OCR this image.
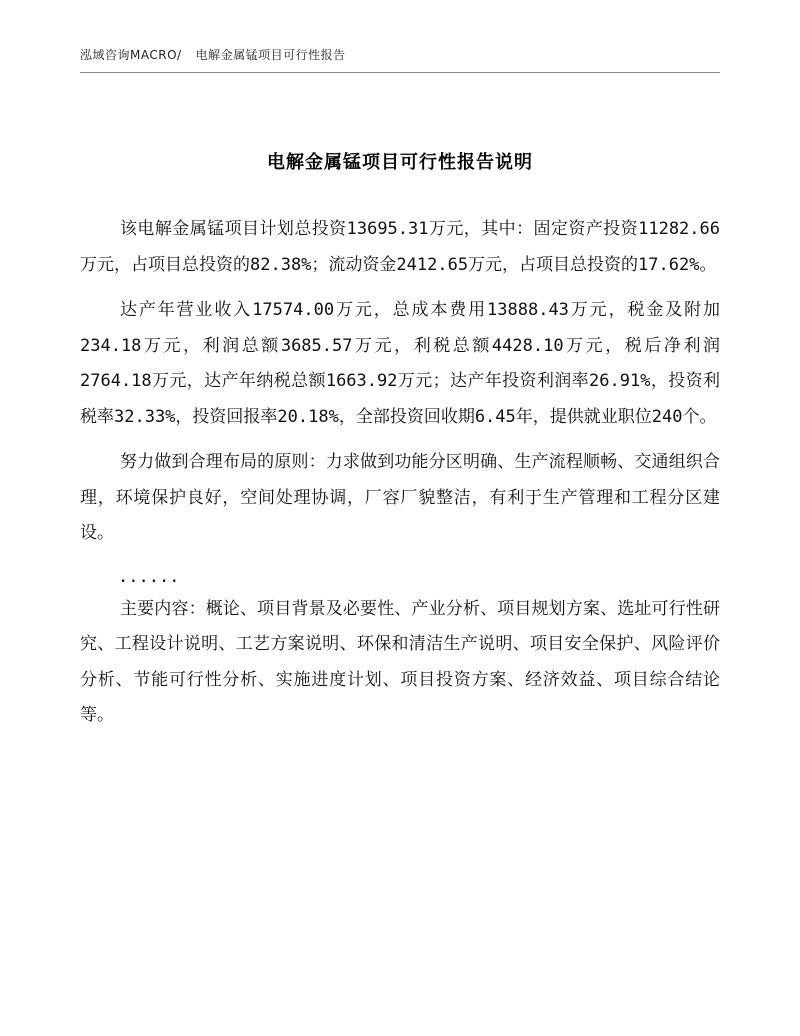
泓域咨询MACRO/ 电解金属锰项目可行性报告
电解金属锰项目可行性报告说明

该电解金属锰项目计划总投资13695.31万元，其中：固定资产投资11282.66万元，占项目总投资的82.38%；流动资金2412.65万元，占项目总投资的17.62%。

达产年营业收入17574.00万元，总成本费用13888.43万元，税金及附加234.18万元，利润总额3685.57万元，利税总额4428.10万元，税后净利润2764.18万元，达产年纳税总额1663.92万元；达产年投资利润率26.91%，投资利税率32.33%，投资回报率20.18%，全部投资回收期6.45年，提供就业职位240个。

努力做到合理布局的原则：力求做到功能分区明确、生产流程顺畅、交通组织合理，环境保护良好，空间处理协调，厂容厂貌整洁，有利于生产管理和工程分区建设。

......

主要内容：概论、项目背景及必要性、产业分析、项目规划方案、选址可行性研究、工程设计说明、工艺方案说明、环保和清洁生产说明、项目安全保护、风险评价分析、节能可行性分析、实施进度计划、项目投资方案、经济效益、项目综合结论等。
